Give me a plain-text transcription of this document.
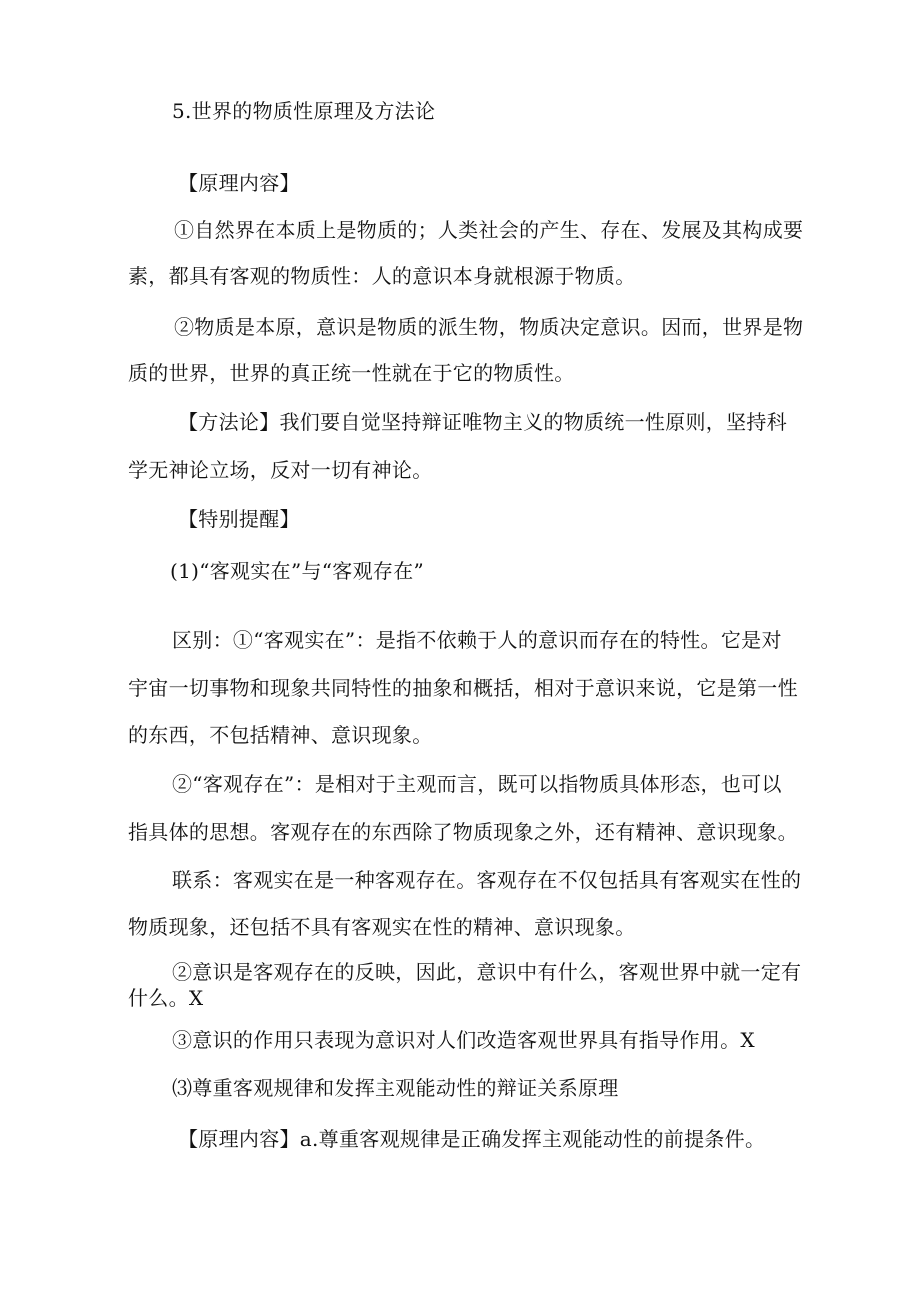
5.世界的物质性原理及方法论
【原理内容】
①自然界在本质上是物质的；人类社会的产生、存在、发展及其构成要
素，都具有客观的物质性：人的意识本身就根源于物质。
②物质是本原，意识是物质的派生物，物质决定意识。因而，世界是物
质的世界，世界的真正统一性就在于它的物质性。
【方法论】我们要自觉坚持辩证唯物主义的物质统一性原则，坚持科
学无神论立场，反对一切有神论。
【特别提醒】
(1)“客观实在”与“客观存在”
区别：①“客观实在”：是指不依赖于人的意识而存在的特性。它是对
宇宙一切事物和现象共同特性的抽象和概括，相对于意识来说，它是第一性
的东西，不包括精神、意识现象。
②“客观存在”：是相对于主观而言，既可以指物质具体形态，也可以
指具体的思想。客观存在的东西除了物质现象之外，还有精神、意识现象。
联系：客观实在是一种客观存在。客观存在不仅包括具有客观实在性的
物质现象，还包括不具有客观实在性的精神、意识现象。
②意识是客观存在的反映，因此，意识中有什么，客观世界中就一定有
什么。X
③意识的作用只表现为意识对人们改造客观世界具有指导作用。X
⑶尊重客观规律和发挥主观能动性的辩证关系原理
【原理内容】a.尊重客观规律是正确发挥主观能动性的前提条件。
